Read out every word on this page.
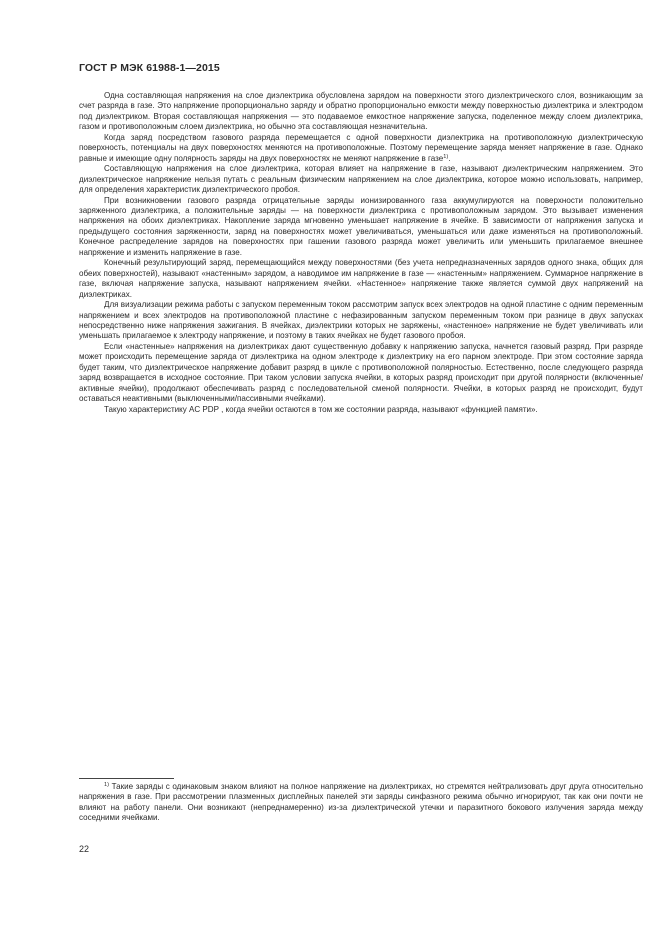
ГОСТ Р МЭК 61988-1—2015

Одна составляющая напряжения на слое диэлектрика обусловлена зарядом на поверхности этого диэлектрического слоя, возникающим за счет разряда в газе. Это напряжение пропорционально заряду и обратно пропорционально емкости между поверхностью диэлектрика и электродом под диэлектриком. Вторая составляющая напряжения — это подаваемое емкостное напряжение запуска, поделенное между слоем диэлектрика, газом и противоположным слоем диэлектрика, но обычно эта составляющая незначительна.

Когда заряд посредством газового разряда перемещается с одной поверхности диэлектрика на противоположную диэлектрическую поверхность, потенциалы на двух поверхностях меняются на противоположные. Поэтому перемещение заряда меняет напряжение в газе. Однако равные и имеющие одну полярность заряды на двух поверхностях не меняют напряжение в газе$^{1)}$.

Составляющую напряжения на слое диэлектрика, которая влияет на напряжение в газе, называют диэлектрическим напряжением. Это диэлектрическое напряжение нельзя путать с реальным физическим напряжением на слое диэлектрика, которое можно использовать, например, для определения характеристик диэлектрического пробоя.

При возникновении газового разряда отрицательные заряды ионизированного газа аккумулируются на поверхности положительно заряженного диэлектрика, а положительные заряды — на поверхности диэлектрика с противоположным зарядом. Это вызывает изменения напряжения на обоих диэлектриках. Накопление заряда мгновенно уменьшает напряжение в ячейке. В зависимости от напряжения запуска и предыдущего состояния заряженности, заряд на поверхностях может увеличиваться, уменьшаться или даже изменяться на противоположный. Конечное распределение зарядов на поверхностях при гашении газового разряда может увеличить или уменьшить прилагаемое внешнее напряжение и изменить напряжение в газе.

Конечный результирующий заряд, перемещающийся между поверхностями (без учета непредназначенных зарядов одного знака, общих для обеих поверхностей), называют «настенным» зарядом, а наводимое им напряжение в газе — «настенным» напряжением. Суммарное напряжение в газе, включая напряжение запуска, называют напряжением ячейки. «Настенное» напряжение также является суммой двух напряжений на диэлектриках.

Для визуализации режима работы с запуском переменным током рассмотрим запуск всех электродов на одной пластине с одним переменным напряжением и всех электродов на противоположной пластине с нефазированным запуском переменным током при разнице в двух запусках непосредственно ниже напряжения зажигания. В ячейках, диэлектрики которых не заряжены, «настенное» напряжение не будет увеличивать или уменьшать прилагаемое к электроду напряжение, и поэтому в таких ячейках не будет газового пробоя.

Если «настенные» напряжения на диэлектриках дают существенную добавку к напряжению запуска, начнется газовый разряд. При разряде может происходить перемещение заряда от диэлектрика на одном электроде к диэлектрику на его парном электроде. При этом состояние заряда будет таким, что диэлектрическое напряжение добавит разряд в цикле с противоположной полярностью. Естественно, после следующего разряда заряд возвращается в исходное состояние. При таком условии запуска ячейки, в которых разряд происходит при другой полярности (включенные/активные ячейки), продолжают обеспечивать разряд с последовательной сменой полярности. Ячейки, в которых разряд не происходит, будут оставаться неактивными (выключенными/пассивными ячейками).

Такую характеристику AC PDP , когда ячейки остаются в том же состоянии разряда, называют «функцией памяти».

$^{1)}$ Такие заряды с одинаковым знаком влияют на полное напряжение на диэлектриках, но стремятся нейтрализовать друг друга относительно напряжения в газе. При рассмотрении плазменных дисплейных панелей эти заряды синфазного режима обычно игнорируют, так как они почти не влияют на работу панели. Они возникают (непреднамеренно) из-за диэлектрической утечки и паразитного бокового излучения заряда между соседними ячейками.

22
